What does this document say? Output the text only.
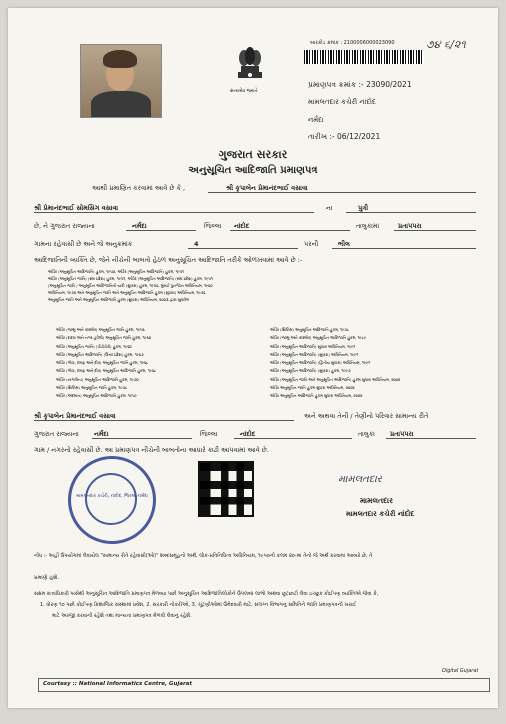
સત્યમેવ જયતે
બારકોડ ક્રમાંક : 2100006000023090	૭૪ ૬/૨૧
પ્રમાણપત્ર ક્રમાંક :- 23090/2021
મામલતદાર કચેરી નાંદોદ
નર્મદા
તારીખ :- 06/12/2021
ગુજરાત સરકાર
અનુસૂચિત આદિજાતિ પ્રમાણપત્ર
આથી પ્રમાણિત કરવામાં આવે છે કે ,	શ્રી કૃપાબેન પ્રેમાનંદભાઈ વસાવા
શ્રી પ્રેમાનંદભાઈ સોમસિંગ વસાવા	ના	પુત્રી
છે, ને ગુજરાત રાજ્યના	નર્મદા	જિલ્લા નાંદોદ	તાલુકામાં	પ્રતાપપરા
ગામના રહેવાસી છે અને જે અનુક્રમાંક	4	પરની	ભીલ
આદિજાતિની વ્યક્તિ છે, જેને નીચેની બાબતો હેઠળ અનુસૂચિત આદિજાતિ તરીકે ઓળખવામાં આવે છે :-
ઓર્ડર (અનુસૂચિત આદિજાતિ) હુકમ, ૧૯૫૦, ઓર્ડર (અનુસૂચિત આદિજાતિ) હુકમ, ૧૯૫૧
ઓર્ડર (અનુસૂચિત જાતિ) (સંઘ પ્રદેશ) હુકમ, ૧૯૫૧, ઓર્ડર (અનુસૂચિત આદિજાતિ) (સંઘ પ્રદેશ) હુકમ, ૧૯૫૧
(અનુસૂચિત જાતિ / અનુસૂચિત આદિજાતિની યાદી (સુધારા) હુકમ, ૧૯૫૬, મુંબઈ પુનર્ગઠન અધિનિયમ, ૧૯૬૦
અધિનિયમ, ૧૯૭૦ અને અનુસૂચિત જાતિ અને અનુસૂચિત આદિજાતિ હુકમ (સુધારા) અધિનિયમ, ૧૯૭૬
અનુસૂચિત જાતિ અને અનુસૂચિત આદિજાતિ હુકમ (સુધારા) અધિનિયમ, ૨૦૦૩ દ્વારા સુધારેલ
ઓર્ડર (જમ્મુ અને કાશ્મીર) અનુસૂચિત જાતિ હુકમ, ૧૯૫૬
ઓર્ડર (દાદરા અને નગર હવેલી) અનુસૂચિત જાતિ હુકમ, ૧૯૬૨
ઓર્ડર (અનુસૂચિત જાતિ) (પોંડીચેરી) હુકમ, ૧૯૬૪
ઓર્ડર (અનુસૂચિત આદિજાતિ) (ઉત્તર પ્રદેશ) હુકમ, ૧૯૬૭
ઓર્ડર (ગોવા, દમણ અને દીવ) અનુસૂચિત જાતિ હુકમ, ૧૯૬૮
ઓર્ડર (ગોવા, દમણ અને દીવ) અનુસૂચિત આદિજાતિ હુકમ, ૧૯૬૮
ઓર્ડર (નાગાલેન્ડ) અનુસૂચિત આદિજાતિ હુકમ, ૧૯૭૦
ઓર્ડર (સિક્કિમ) અનુસૂચિત જાતિ હુકમ, ૧૯૭૮
ઓર્ડર (અંદમાન) અનુસૂચિત આદિજાતિ હુકમ, ૧૯૫૯
ઓર્ડર (સિક્કિમ) અનુસૂચિત આદિજાતિ હુકમ, ૧૯૭૮
ઓર્ડર (જમ્મુ અને કાશ્મીર) અનુસૂચિત આદિજાતિ હુકમ, ૧૯૮૯
ઓર્ડર (અનુસૂચિત આદિજાતિ) સુધારા અધિનિયમ, ૧૯૯૧
ઓર્ડર (અનુસૂચિત આદિજાતિ) (સુધારા) અધિનિયમ, ૧૯૯૧
ઓર્ડર (અનુસૂચિત આદિજાતિ) (દ્વિતીય સુધારા) અધિનિયમ, ૧૯૯૧
ઓર્ડર (અનુસૂચિત આદિજાતિ) (સુધારા) હુકમ, ૧૯૯૭
ઓર્ડર (અનુસૂચિત જાતિ અને અનુસૂચિત આદિજાતિ) હુકમ સુધારા અધિનિયમ, ૨૦૦૨
ઓર્ડર અનુસૂચિત જાતિ હુકમ સુધારા અધિનિયમ, ૨૦૦૨
ઓર્ડર અનુસૂચિત આદિજાતિ હુકમ સુધારા અધિનિયમ, ૨૦૦૨
શ્રી કૃપાબેન પ્રેમાનંદભાઈ વસાવા	અને અથવા તેની / તેણીનો પરિવાર સામાન્ય રીતે
ગુજરાત રાજ્યના નર્મદા	જિલ્લા	નાંદોદ	તાલુકા પ્રતાપપરા
ગામ / નગરનો રહેવાસી છે. આ પ્રમાણપત્ર નીચેની બાબતોના આધારે કાઢી આપવામાં આવે છે.
મામલતદાર કચેરી, નાંદોદ, જિલ્લો નર્મદા
મામલતદાર
મામલતદાર
મામલતદાર કચેરી નાંદોદ
નોંધ :- અહીં ઉપયોગમાં લેવાયેલ "સામાન્ય રીતે રહેવાસી(ઓ)" શબ્દસમૂહનો અર્થ, લોક-પ્રતિનિધિત્વ અધિનિયમ, ૧૯૫૦ની કલમ ૨૦-માં તેનો જે અર્થ કરવામાં આવ્યો છે, તે
પ્રમાણે હશે.
સક્ષમ સત્તાધિકારી પાસેથી અનુસૂચિત આદિજાતિ પ્રમાણપત્ર મેળવ્યા પછી અનુસૂચિત આદિજાતિલોકોને ઉપલબ્ધ લાભો અથવા છૂટછાટો લેવા ઇચ્છુક કોઈપણ વ્યક્તિએ જેવા કે,
1. ધોરણ ૧૦ પછી કોઈપણ ક્રિશાજિક સંસ્થામાં પ્રવેશ, 2. સરકારી નોકરીઓ, 3. ચૂંટણીઓમાં ઉમેદવારી માટે, સંલગ્ન વિભાગનું સમિતિને જાતિ પ્રમાણપત્રની ખરાઈ
માટે અરજી કરવાની રહેશે તથા માન્યતા પ્રમાણપત્ર મેળવી લેવાનું રહેશે.
Digital Gujarat
Courtesy :: National Informatics Centre, Gujarat
